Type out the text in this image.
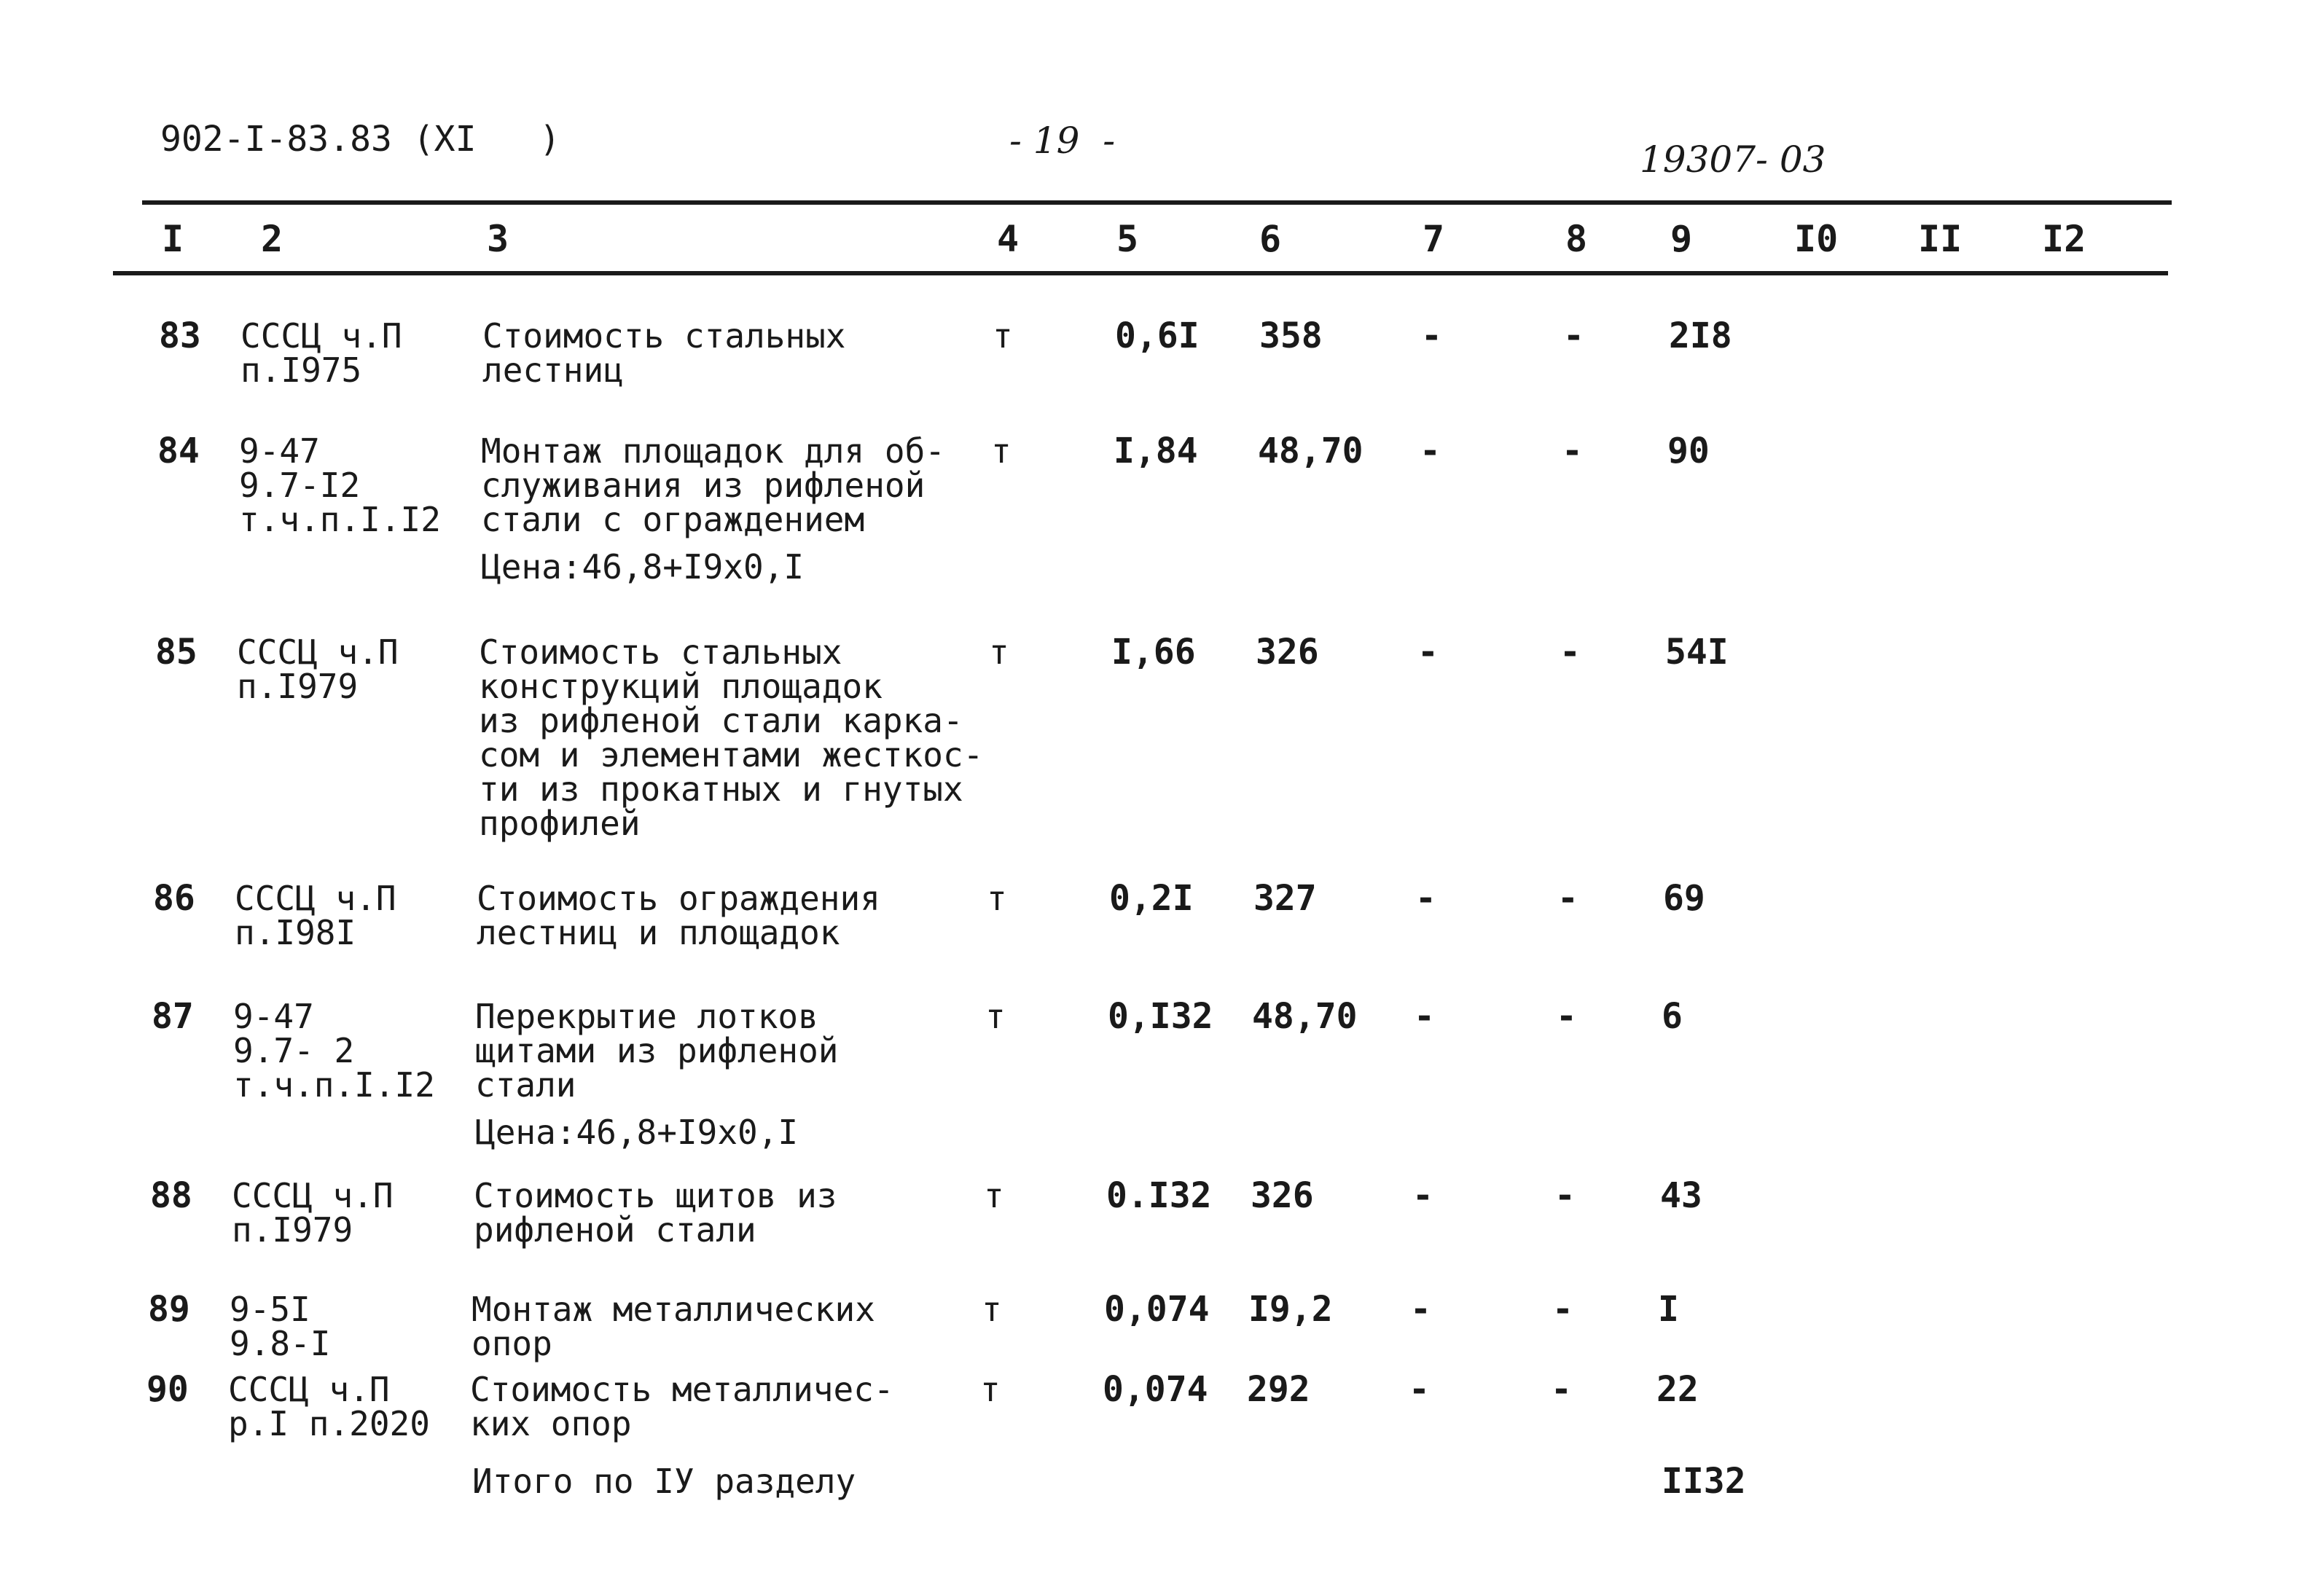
902-I-83.83 (XI   )	- 19  -	19307- 03
I 2	3	4	5	6	7	8 9	I0 II I2
83 СССЦ ч.П
п.I975
Стоимость стальных
лестниц
т	0,6I 358	-	- 2I8
84 9-47
9.7-I2
т.ч.п.I.I2
Монтаж площадок для об-
служивания из рифленой
стали с ограждением
т	I,84 48,70 -	- 90
Цена:46,8+I9х0,I
85 СССЦ ч.П
п.I979
Стоимость стальных
конструкций площадок
из рифленой стали карка-
сом и элементами жесткос-
ти из прокатных и гнутых
профилей
т	I,66 326	-	- 54I
86 СССЦ ч.П
п.I98I
Стоимость ограждения
лестниц и площадок
т	0,2I 327	-	- 69
87 9-47
9.7- 2
т.ч.п.I.I2
Перекрытие лотков
щитами из рифленой
стали
т	0,I32 48,70 -	- 6
Цена:46,8+I9х0,I
88 СССЦ ч.П
п.I979
Стоимость щитов из
рифленой стали
т	0.I32 326	-	- 43
89 9-5I
9.8-I
Монтаж металлических
опор
т	0,074 I9,2 -	- I
90 СССЦ ч.П
р.I п.2020
Стоимость металличес-
ких опор
т	0,074 292	-	- 22
Итого по IУ разделу	II32
